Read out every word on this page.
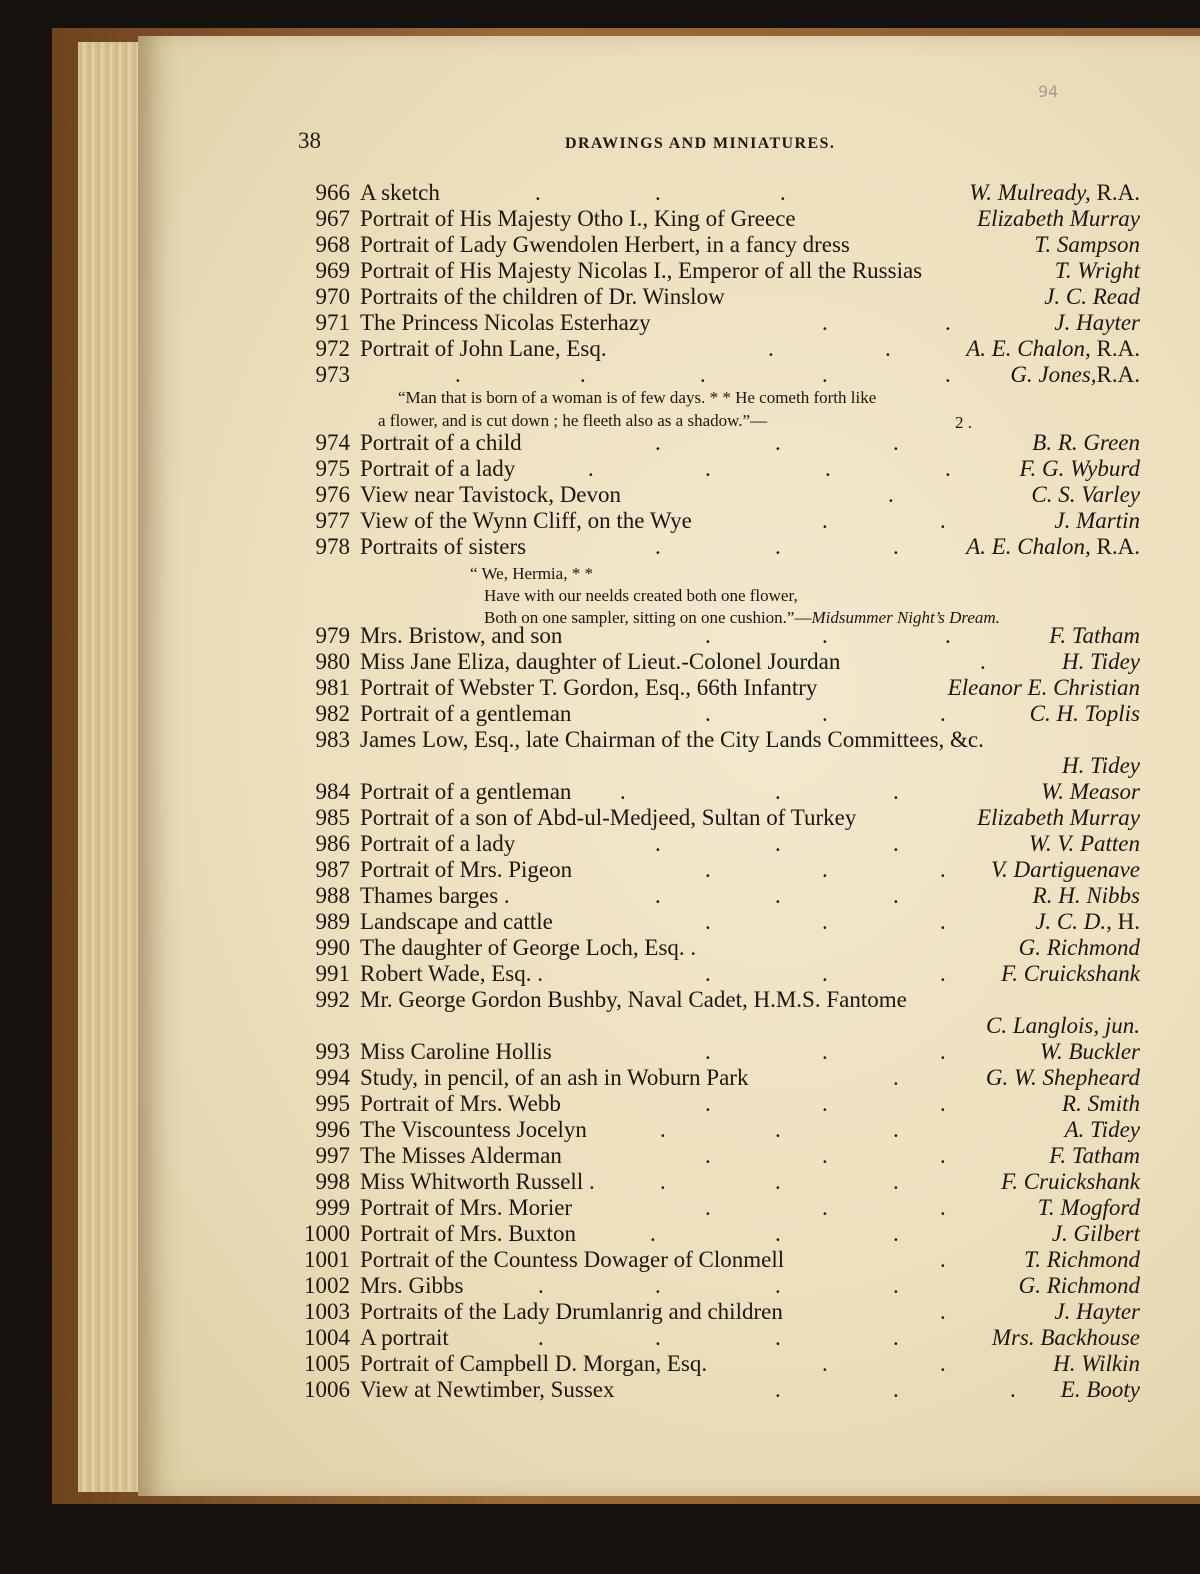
94
38	DRAWINGS AND MINIATURES.
.	.	.
966 A sketch	W. Mulready, R.A.
967 Portrait of His Majesty Otho I., King of Greece	Elizabeth Murray
968 Portrait of Lady Gwendolen Herbert, in a fancy dress	T. Sampson
969 Portrait of His Majesty Nicolas I., Emperor of all the Russias	T. Wright
970 Portraits of the children of Dr. Winslow	J. C. Read
.	.
971 The Princess Nicolas Esterhazy	J. Hayter
.	.
972 Portrait of John Lane, Esq.	A. E. Chalon, R.A.
.	.	.	.	.
973	G. Jones,R.A.
.	.	.
974 Portrait of a child	B. R. Green
.	.	.	.
975 Portrait of a lady	F. G. Wyburd
.
976 View near Tavistock, Devon	C. S. Varley
.	.
977 View of the Wynn Cliff, on the Wye	J. Martin
.	.	.
978 Portraits of sisters	A. E. Chalon, R.A.
.	.	.
979 Mrs. Bristow, and son	F. Tatham
.
980 Miss Jane Eliza, daughter of Lieut.-Colonel Jourdan	H. Tidey
981 Portrait of Webster T. Gordon, Esq., 66th Infantry	Eleanor E. Christian
.	.	.
982 Portrait of a gentleman	C. H. Toplis
983 James Low, Esq., late Chairman of the City Lands Committees, &c.
H. Tidey
.	.	.
984 Portrait of a gentleman	W. Measor
985 Portrait of a son of Abd-ul-Medjeed, Sultan of Turkey	Elizabeth Murray
.	.	.
986 Portrait of a lady	W. V. Patten
.	.	.
987 Portrait of Mrs. Pigeon	V. Dartiguenave
.	.	.
988 Thames barges .	R. H. Nibbs
.	.	.
989 Landscape and cattle	J. C. D., H.
990 The daughter of George Loch, Esq. .	G. Richmond
.	.	.
991 Robert Wade, Esq. .	F. Cruickshank
992 Mr. George Gordon Bushby, Naval Cadet, H.M.S. Fantome
C. Langlois, jun.
.	.	.
993 Miss Caroline Hollis	W. Buckler
.
994 Study, in pencil, of an ash in Woburn Park	G. W. Shepheard
.	.	.
995 Portrait of Mrs. Webb	R. Smith
.	.	.
996 The Viscountess Jocelyn	A. Tidey
.	.	.
997 The Misses Alderman	F. Tatham
.	.	.
998 Miss Whitworth Russell .	F. Cruickshank
.	.	.
999 Portrait of Mrs. Morier	T. Mogford
.	.	.
1000 Portrait of Mrs. Buxton	J. Gilbert
.
1001 Portrait of the Countess Dowager of Clonmell	T. Richmond
.	.	.	.
1002 Mrs. Gibbs	G. Richmond
.
1003 Portraits of the Lady Drumlanrig and children	J. Hayter
.	.	.	.
1004 A portrait	Mrs. Backhouse
.	.
1005 Portrait of Campbell D. Morgan, Esq.	H. Wilkin
.	.	.
1006 View at Newtimber, Sussex	E. Booty
“Man that is born of a woman is of few days. * * He cometh forth like
a flower, and is cut down ; he fleeth also as a shadow.”—	2 .
“ We, Hermia, * *
Have with our neelds created both one flower,
Both on one sampler, sitting on one cushion.”—Midsummer Night’s Dream.
